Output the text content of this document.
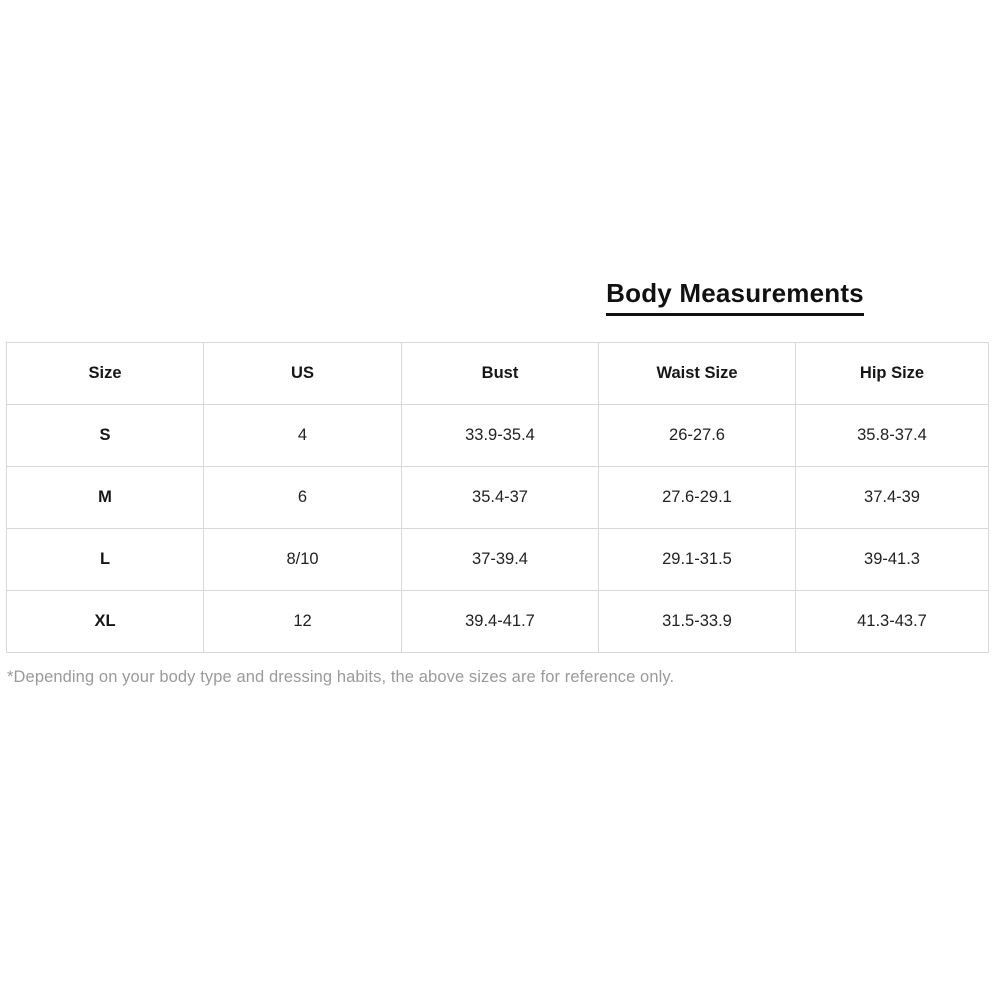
Body Measurements
Size	US	Bust	Waist Size	Hip Size
S	4	33.9-35.4	26-27.6	35.8-37.4
M	6	35.4-37	27.6-29.1	37.4-39
L	8/10	37-39.4	29.1-31.5	39-41.3
XL	12	39.4-41.7	31.5-33.9	41.3-43.7
*Depending on your body type and dressing habits, the above sizes are for reference only.
